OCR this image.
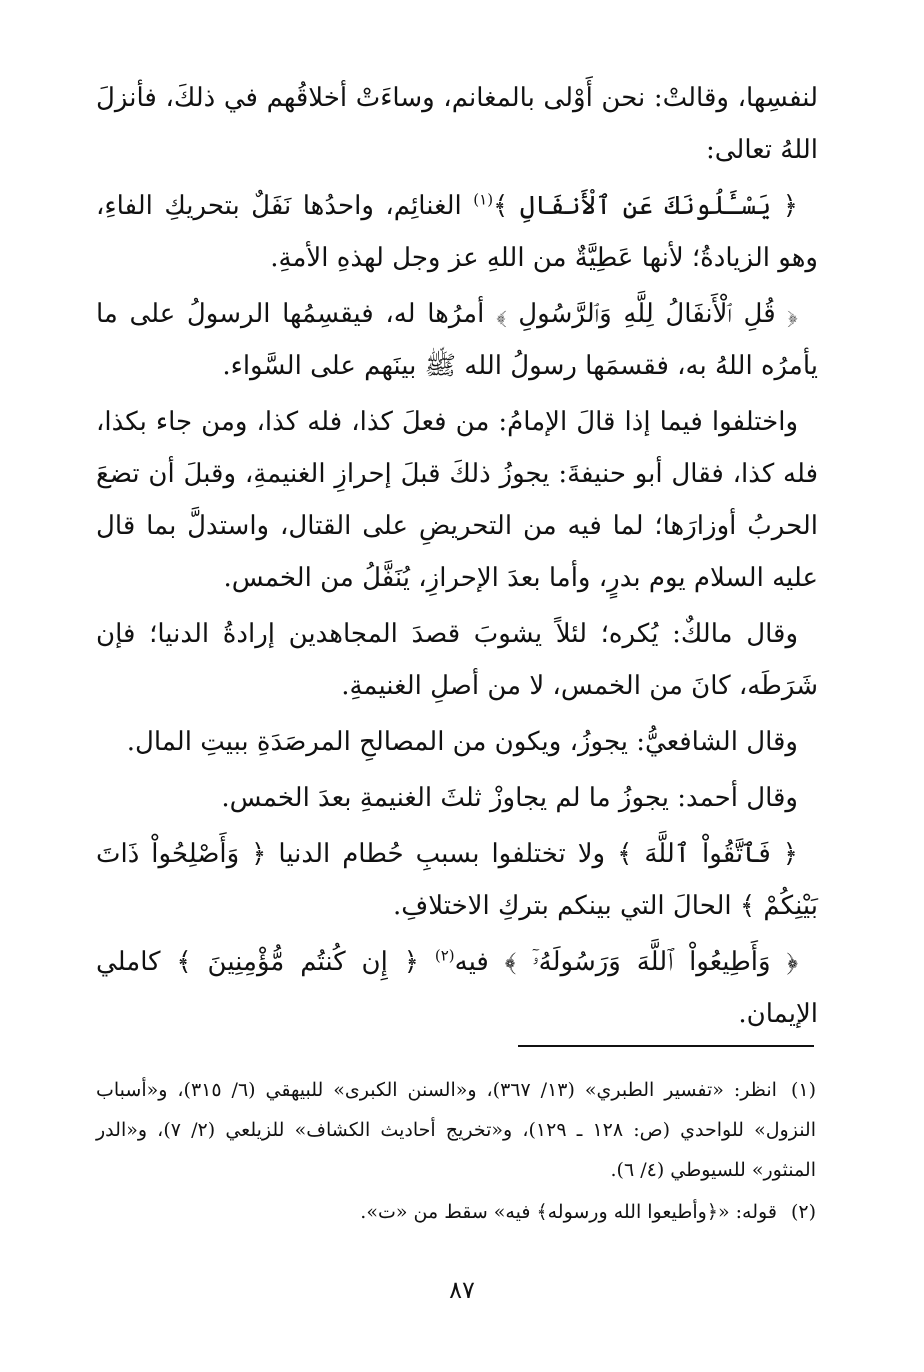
لنفسِها، وقالتْ: نحن أَوْلى بالمغانم، وساءَتْ أخلاقُهم في ذلكَ، فأنزلَ اللهُ تعالى:

﴿ يَسْـَٔلُونَكَ عَنِ ٱلْأَنفَالِ ﴾$^{(١)}$ الغنائِم، واحدُها نَفَلٌ بتحريكِ الفاءِ، وهو الزيادةُ؛ لأنها عَطِيَّةٌ من اللهِ عز وجل لهذهِ الأمةِ.

﴿ قُلِ ٱلْأَنفَالُ لِلَّهِ وَٱلرَّسُولِ ﴾ أمرُها له، فيقسِمُها الرسولُ على ما يأمرُه اللهُ به، فقسمَها رسولُ الله ﷺ بينَهم على السَّواء.

واختلفوا فيما إذا قالَ الإمامُ: من فعلَ كذا، فله كذا، ومن جاء بكذا، فله كذا، فقال أبو حنيفةَ: يجوزُ ذلكَ قبلَ إحرازِ الغنيمةِ، وقبلَ أن تضعَ الحربُ أوزارَها؛ لما فيه من التحريضِ على القتال، واستدلَّ بما قال عليه السلام يوم بدرٍ، وأما بعدَ الإحرازِ، يُنَفَّلُ من الخمس.

وقال مالكٌ: يُكره؛ لئلاً يشوبَ قصدَ المجاهدين إرادةُ الدنيا؛ فإن شَرَطَه، كانَ من الخمس، لا من أصلِ الغنيمةِ.

وقال الشافعيُّ: يجوزُ، ويكون من المصالحِ المرصَدَةِ ببيتِ المال.

وقال أحمد: يجوزُ ما لم يجاوزْ ثلثَ الغنيمةِ بعدَ الخمس.

﴿ فَٱتَّقُواْ ٱللَّهَ ﴾ ولا تختلفوا بسببِ حُطام الدنيا ﴿ وَأَصْلِحُواْ ذَاتَ بَيْنِكُمْ ﴾ الحالَ التي بينكم بتركِ الاختلافِ.

﴿ وَأَطِيعُواْ ٱللَّهَ وَرَسُولَهُۥٓ ﴾ فيه$^{(٢)}$ ﴿ إِن كُنتُم مُّؤْمِنِينَ ﴾ كاملي الإيمان.

(١)انظر: «تفسير الطبري» (١٣/ ٣٦٧)، و«السنن الكبرى» للبيهقي (٦/ ٣١٥)، و«أسباب النزول» للواحدي (ص: ١٢٨ ـ ١٢٩)، و«تخريج أحاديث الكشاف» للزيلعي (٢/ ٧)، و«الدر المنثور» للسيوطي (٤/ ٦).

(٢)قوله: «﴿وأطيعوا الله ورسوله﴾ فيه» سقط من «ت».

٨٧
